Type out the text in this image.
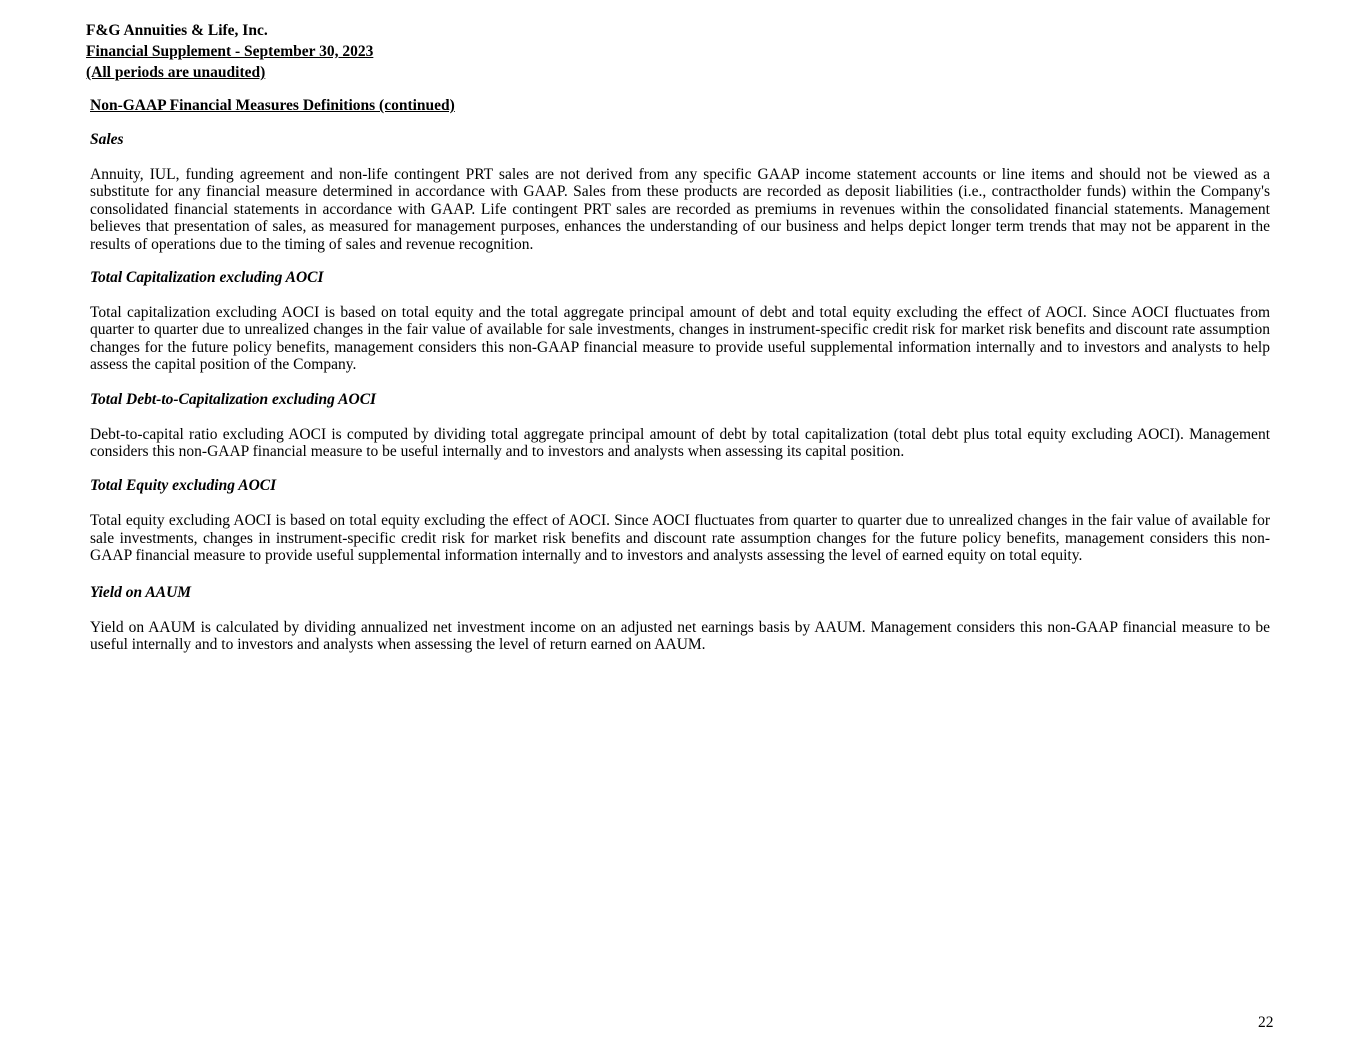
F&G Annuities & Life, Inc.
Financial Supplement - September 30, 2023
(All periods are unaudited)
Non-GAAP Financial Measures Definitions (continued)
Sales

Annuity, IUL, funding agreement and non-life contingent PRT sales are not derived from any specific GAAP income statement accounts or line items and should not be viewed as a substitute for any financial measure determined in accordance with GAAP. Sales from these products are recorded as deposit liabilities (i.e., contractholder funds) within the Company's consolidated financial statements in accordance with GAAP. Life contingent PRT sales are recorded as premiums in revenues within the consolidated financial statements. Management believes that presentation of sales, as measured for management purposes, enhances the understanding of our business and helps depict longer term trends that may not be apparent in the results of operations due to the timing of sales and revenue recognition.

Total Capitalization excluding AOCI

Total capitalization excluding AOCI is based on total equity and the total aggregate principal amount of debt and total equity excluding the effect of AOCI. Since AOCI fluctuates from quarter to quarter due to unrealized changes in the fair value of available for sale investments, changes in instrument-specific credit risk for market risk benefits and discount rate assumption changes for the future policy benefits, management considers this non-GAAP financial measure to provide useful supplemental information internally and to investors and analysts to help assess the capital position of the Company.

Total Debt-to-Capitalization excluding AOCI

Debt-to-capital ratio excluding AOCI is computed by dividing total aggregate principal amount of debt by total capitalization (total debt plus total equity excluding AOCI). Management considers this non-GAAP financial measure to be useful internally and to investors and analysts when assessing its capital position.

Total Equity excluding AOCI

Total equity excluding AOCI is based on total equity excluding the effect of AOCI. Since AOCI fluctuates from quarter to quarter due to unrealized changes in the fair value of available for sale investments, changes in instrument-specific credit risk for market risk benefits and discount rate assumption changes for the future policy benefits, management considers this non-GAAP financial measure to provide useful supplemental information internally and to investors and analysts assessing the level of earned equity on total equity.

Yield on AAUM

Yield on AAUM is calculated by dividing annualized net investment income on an adjusted net earnings basis by AAUM. Management considers this non-GAAP financial measure to be useful internally and to investors and analysts when assessing the level of return earned on AAUM.

22
